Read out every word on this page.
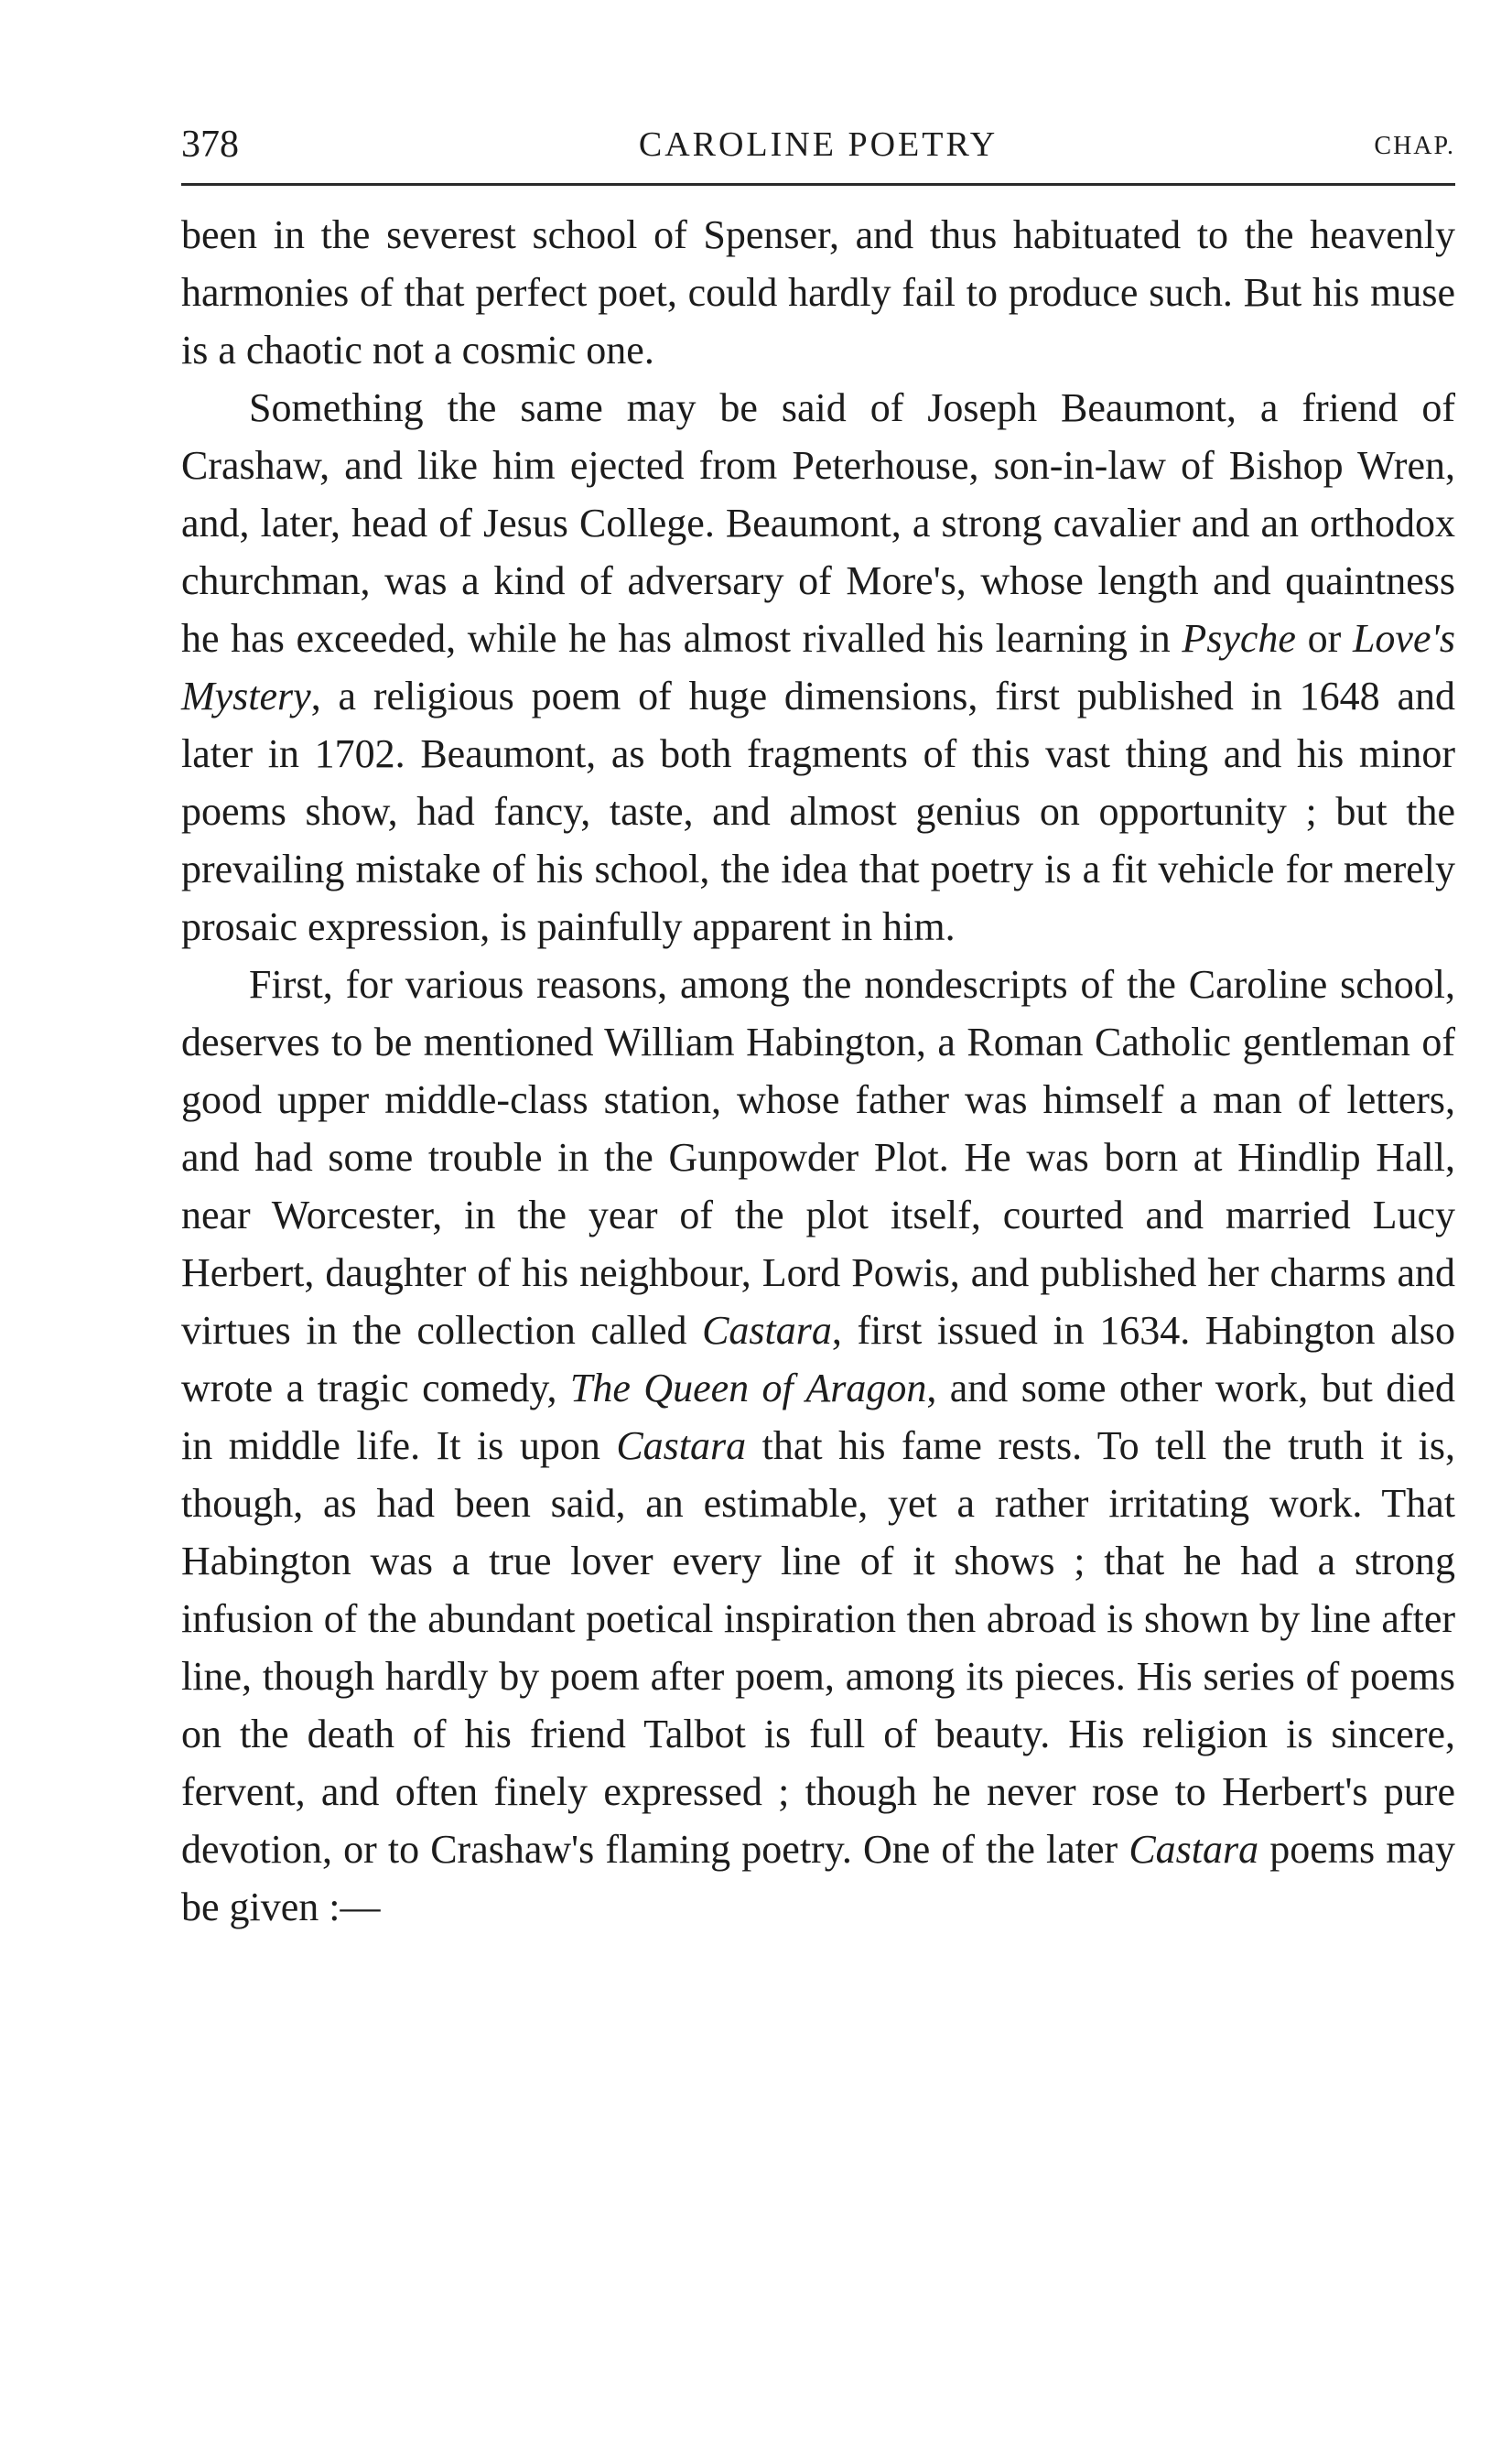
378	CAROLINE POETRY	CHAP.

been in the severest school of Spenser, and thus habituated to the heavenly harmonies of that perfect poet, could hardly fail to produce such. But his muse is a chaotic not a cosmic one.

Something the same may be said of Joseph Beaumont, a friend of Crashaw, and like him ejected from Peterhouse, son-in-law of Bishop Wren, and, later, head of Jesus College. Beaumont, a strong cavalier and an orthodox churchman, was a kind of adversary of More's, whose length and quaintness he has exceeded, while he has almost rivalled his learning in Psyche or Love's Mystery, a religious poem of huge dimensions, first published in 1648 and later in 1702. Beaumont, as both fragments of this vast thing and his minor poems show, had fancy, taste, and almost genius on opportunity ; but the prevailing mistake of his school, the idea that poetry is a fit vehicle for merely prosaic expression, is painfully apparent in him.

First, for various reasons, among the nondescripts of the Caroline school, deserves to be mentioned William Habington, a Roman Catholic gentleman of good upper middle-class station, whose father was himself a man of letters, and had some trouble in the Gunpowder Plot. He was born at Hindlip Hall, near Worcester, in the year of the plot itself, courted and married Lucy Herbert, daughter of his neighbour, Lord Powis, and published her charms and virtues in the collection called Castara, first issued in 1634. Habington also wrote a tragic comedy, The Queen of Aragon, and some other work, but died in middle life. It is upon Castara that his fame rests. To tell the truth it is, though, as had been said, an estimable, yet a rather irritating work. That Habington was a true lover every line of it shows ; that he had a strong infusion of the abundant poetical inspiration then abroad is shown by line after line, though hardly by poem after poem, among its pieces. His series of poems on the death of his friend Talbot is full of beauty. His religion is sincere, fervent, and often finely expressed ; though he never rose to Herbert's pure devotion, or to Crashaw's flaming poetry. One of the later Castara poems may be given :—
